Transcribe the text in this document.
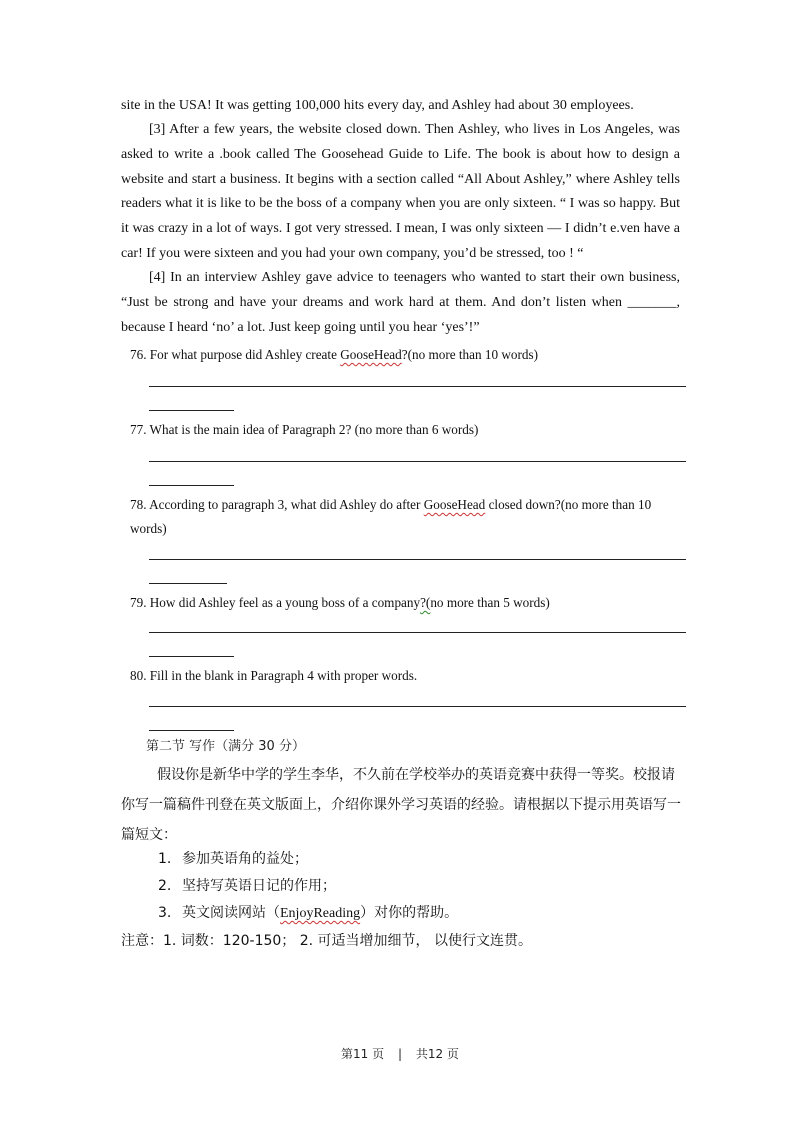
site in the USA! It was getting 100,000 hits every day, and Ashley had about 30 employees.

[3] After a few years, the website closed down. Then Ashley, who lives in Los Angeles, was asked to write a .book called The Goosehead Guide to Life. The book is about how to design a website and start a business. It begins with a section called “All About Ashley,” where Ashley tells readers what it is like to be the boss of a company when you are only sixteen. “ I was so happy. But it was crazy in a lot of ways. I got very stressed. I mean, I was only sixteen — I didn’t e.ven have a car! If you were sixteen and you had your own company, you’d be stressed, too ! “

[4] In an interview Ashley gave advice to teenagers who wanted to start their own business, “Just be strong and have your dreams and work hard at them. And don’t listen when _______, because I heard ‘no’ a lot. Just keep going until you hear ‘yes’!”

76. For what purpose did Ashley create GooseHead?(no more than 10 words)

77. What is the main idea of Paragraph 2? (no more than 6 words)

78. According to paragraph 3, what did Ashley do after GooseHead closed down?(no more than 10 words)

79. How did Ashley feel as a young boss of a company?(no more than 5 words)

80. Fill in the blank in Paragraph 4 with proper words.

第二节 写作（满分 30 分）

假设你是新华中学的学生李华，不久前在学校举办的英语竞赛中获得一等奖。校报请你写一篇稿件刊登在英文版面上，介绍你课外学习英语的经验。请根据以下提示用英语写一篇短文：

1. 参加英语角的益处；

2. 坚持写英语日记的作用；

3. 英文阅读网站（EnjoyReading）对你的帮助。

注意：1. 词数：120-150； 2. 可适当增加细节， 以使行文连贯。

第11 页 | 共12 页
